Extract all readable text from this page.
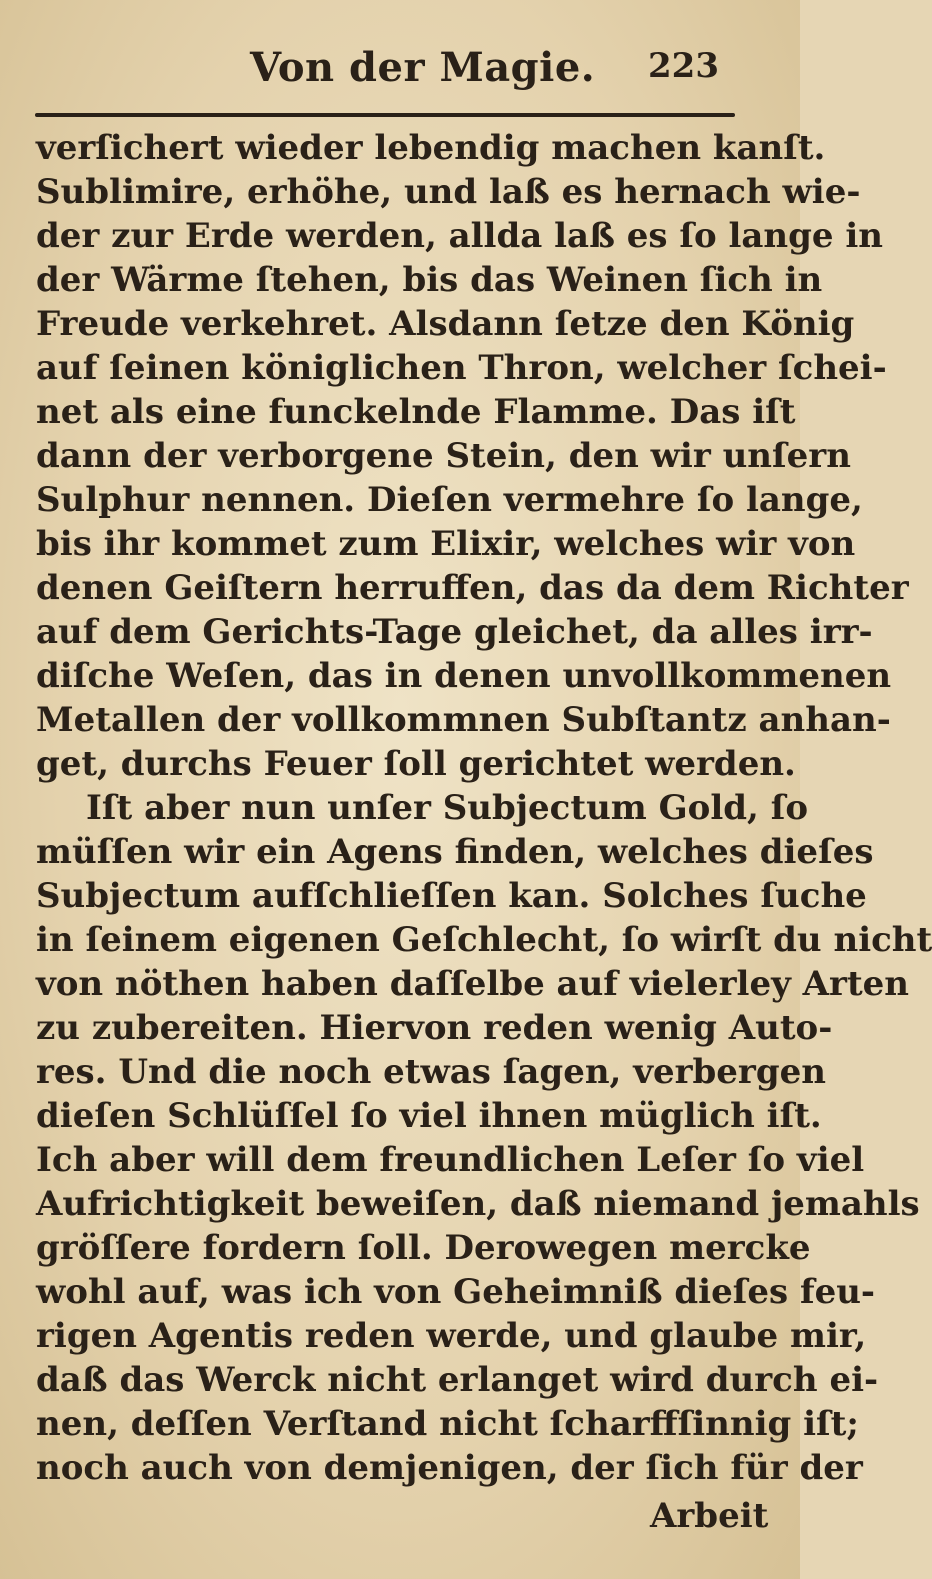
Von der Magie. 223
verſichert wieder lebendig machen kanſt.
Sublimire, erhöhe, und laß es hernach wie-
der zur Erde werden, allda laß es ſo lange in
der Wärme ſtehen, bis das Weinen ſich in
Freude verkehret. Alsdann ſetze den König
auf ſeinen königlichen Thron, welcher ſchei-
net als eine funckelnde Flamme. Das iſt
dann der verborgene Stein, den wir unſern
Sulphur nennen. Dieſen vermehre ſo lange,
bis ihr kommet zum Elixir, welches wir von
denen Geiſtern herruffen, das da dem Richter
auf dem Gerichts-Tage gleichet, da alles irr-
diſche Weſen, das in denen unvollkommenen
Metallen der vollkommnen Subſtantz anhan-
get, durchs Feuer ſoll gerichtet werden.
Iſt aber nun unſer Subjectum Gold, ſo
müſſen wir ein Agens finden, welches dieſes
Subjectum aufſchlieſſen kan. Solches ſuche
in ſeinem eigenen Geſchlecht, ſo wirſt du nicht
von nöthen haben daſſelbe auf vielerley Arten
zu zubereiten. Hiervon reden wenig Auto-
res. Und die noch etwas ſagen, verbergen
dieſen Schlüſſel ſo viel ihnen müglich iſt.
Ich aber will dem freundlichen Leſer ſo viel
Aufrichtigkeit beweiſen, daß niemand jemahls
gröſſere fordern ſoll. Derowegen mercke
wohl auf, was ich von Geheimniß dieſes feu-
rigen Agentis reden werde, und glaube mir,
daß das Werck nicht erlanget wird durch ei-
nen, deſſen Verſtand nicht ſcharffſinnig iſt;
noch auch von demjenigen, der ſich für der
Arbeit
